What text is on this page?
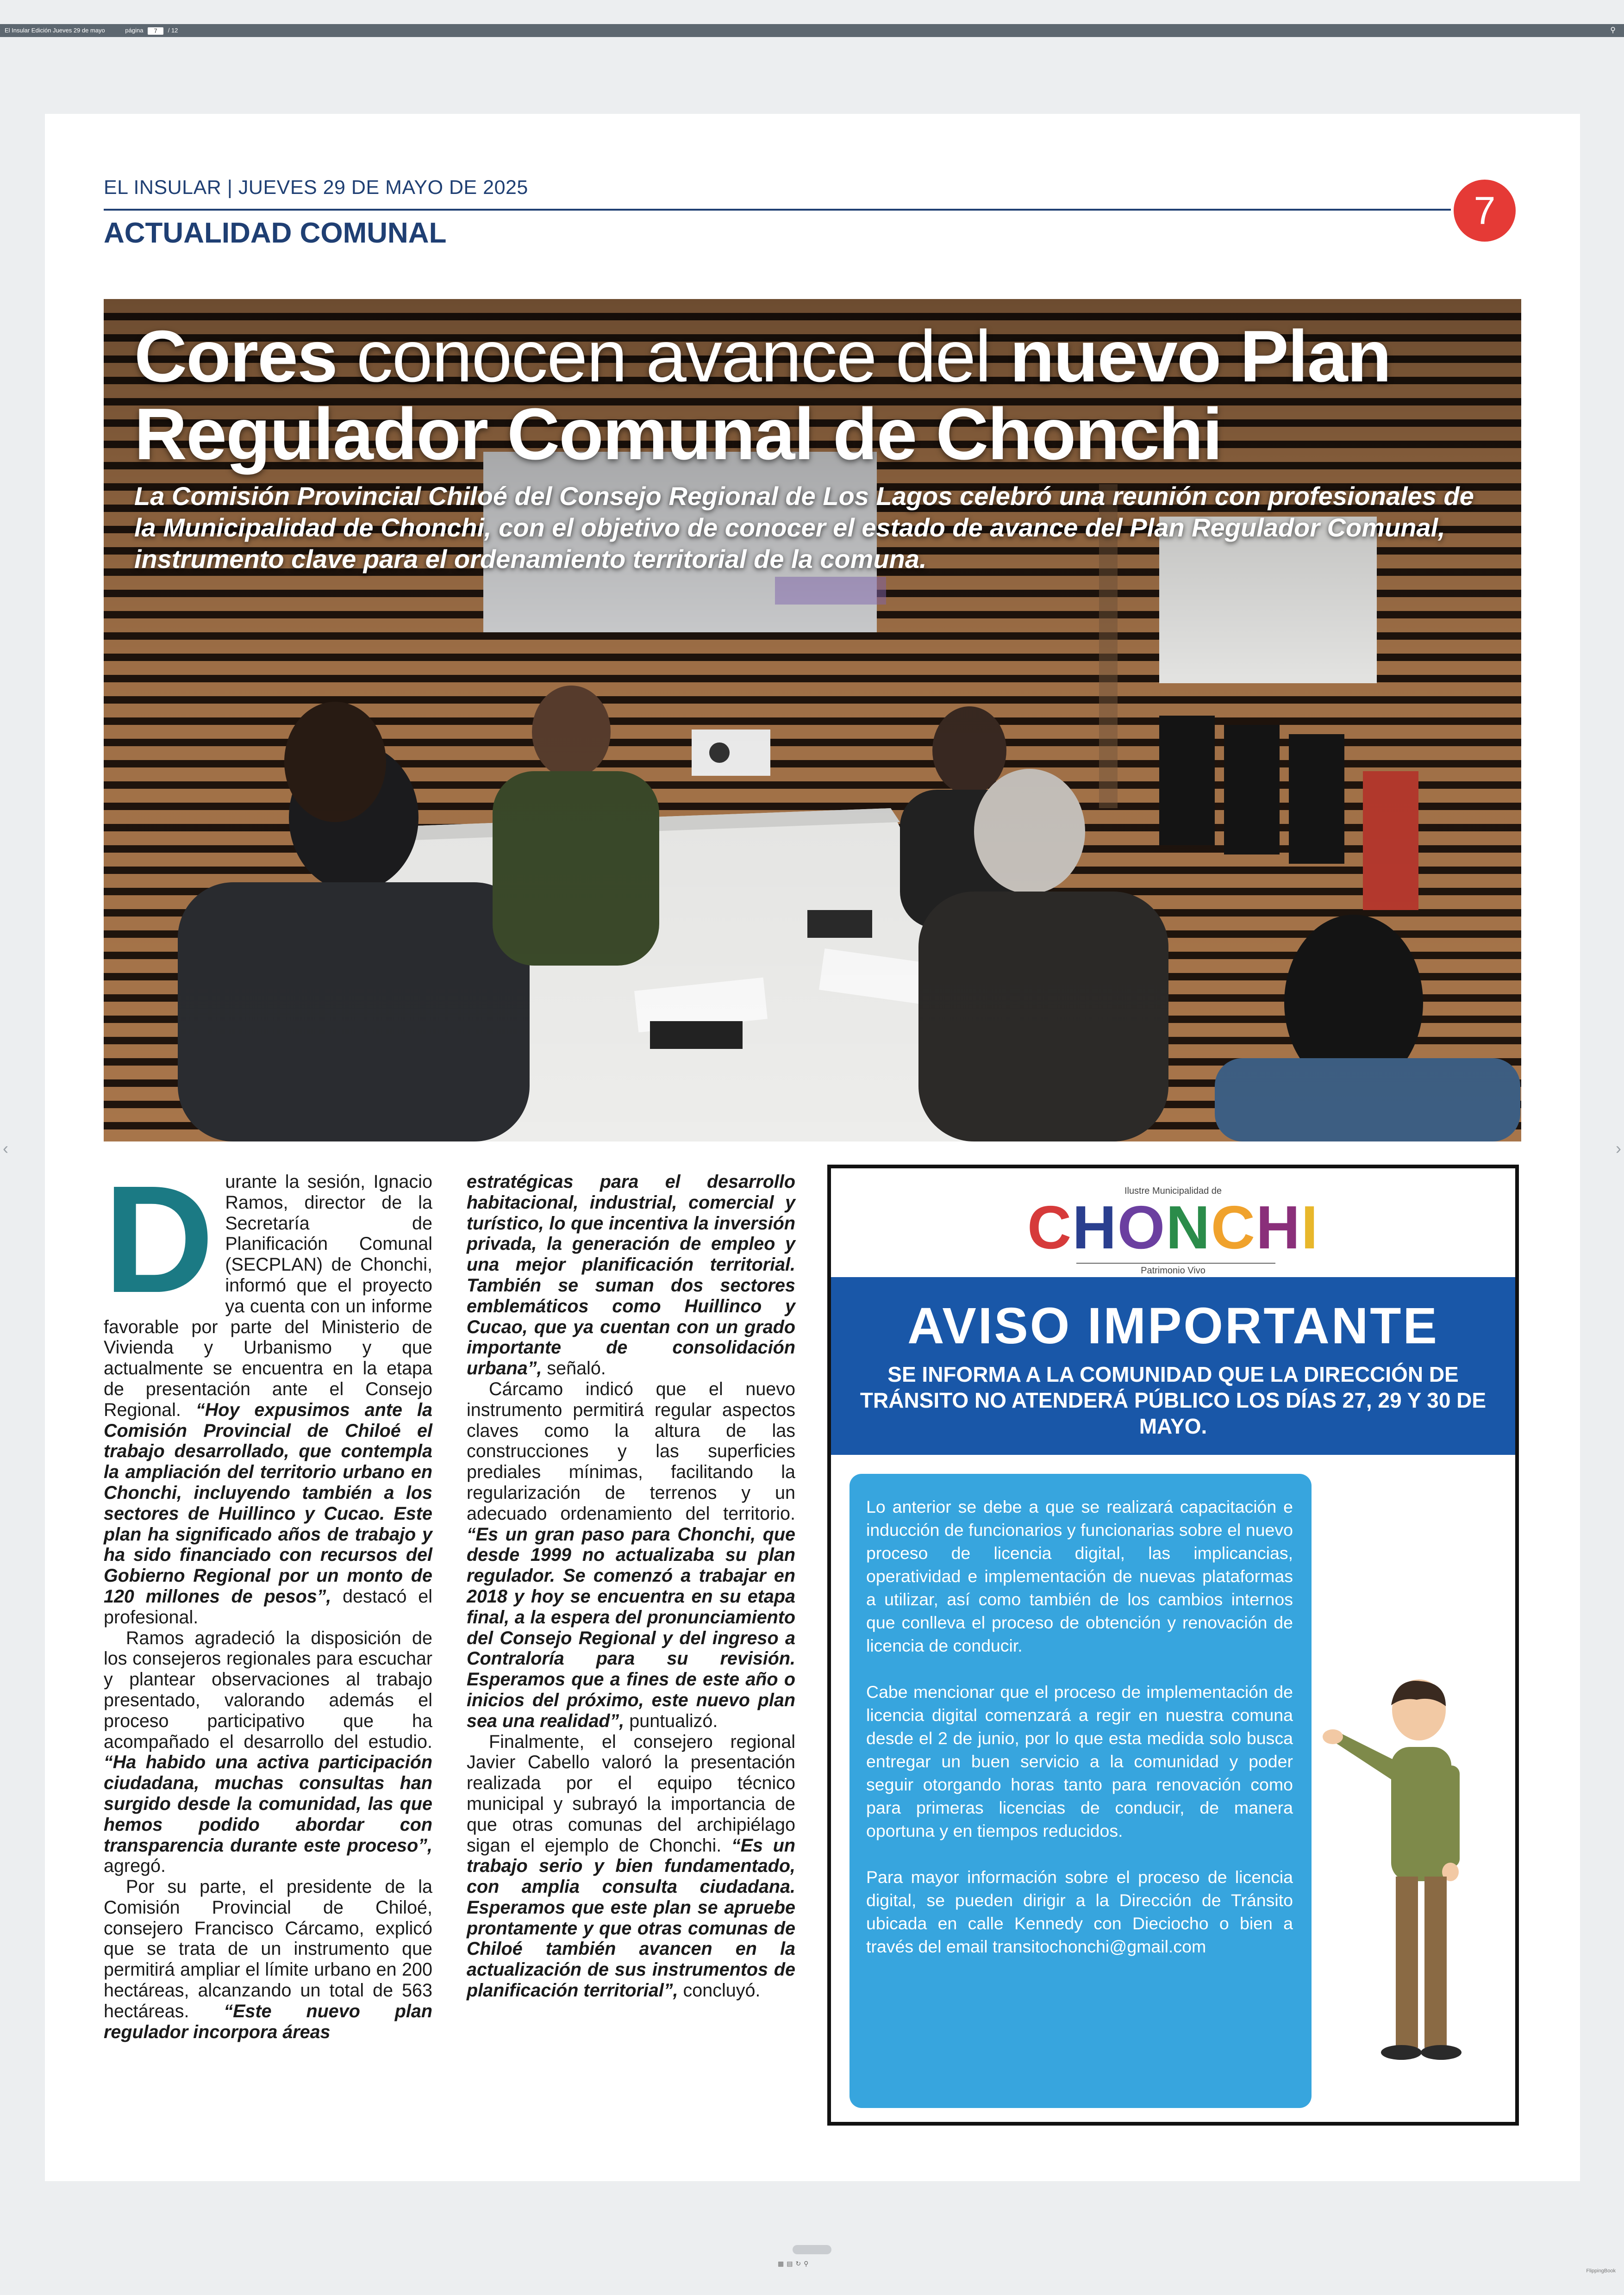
El Insular Edición Jueves 29 de mayo	página 7 / 12	⚲
‹	›
▦▤↻⚲
FlippingBook
EL INSULAR | JUEVES 29 DE MAYO DE 2025
7
ACTUALIDAD COMUNAL
Cores conocen avance del nuevo Plan
Regulador Comunal de Chonchi
La Comisión Provincial Chiloé del Consejo Regional de Los Lagos celebró una reunión con profesionales de la Municipalidad de Chonchi, con el objetivo de conocer el estado de avance del Plan Regulador Comunal, instrumento clave para el ordenamiento territorial de la comuna.

Durante la sesión, Ignacio Ramos, director de la Secretaría de Planificación Comunal (SECPLAN) de Chonchi, informó que el proyecto ya cuenta con un informe favorable por parte del Ministerio de Vivienda y Urbanismo y que actualmente se encuentra en la etapa de presentación ante el Consejo Regional. “Hoy expusimos ante la Comisión Provincial de Chiloé el trabajo desarrollado, que contempla la ampliación del territorio urbano en Chonchi, incluyendo también a los sectores de Huillinco y Cucao. Este plan ha significado años de trabajo y ha sido financiado con recursos del Gobierno Regional por un monto de 120 millones de pesos”, destacó el profesional.

Ramos agradeció la disposición de los consejeros regionales para escuchar y plantear observaciones al trabajo presentado, valorando además el proceso participativo que ha acompañado el desarrollo del estudio. “Ha habido una activa participación ciudadana, muchas consultas han surgido desde la comunidad, las que hemos podido abordar con transparencia durante este proceso”, agregó.

Por su parte, el presidente de la Comisión Provincial de Chiloé, consejero Francisco Cárcamo, explicó que se trata de un instrumento que permitirá ampliar el límite urbano en 200 hectáreas, alcanzando un total de 563 hectáreas. “Este nuevo plan regulador incorpora áreas

estratégicas para el desarrollo habitacional, industrial, comercial y turístico, lo que incentiva la inversión privada, la generación de empleo y una mejor planificación territorial. También se suman dos sectores emblemáticos como Huillinco y Cucao, que ya cuentan con un grado importante de consolidación urbana”, señaló.

Cárcamo indicó que el nuevo instrumento permitirá regular aspectos claves como la altura de las construcciones y las superficies prediales mínimas, facilitando la regularización de terrenos y un adecuado ordenamiento del territorio. “Es un gran paso para Chonchi, que desde 1999 no actualizaba su plan regulador. Se comenzó a trabajar en 2018 y hoy se encuentra en su etapa final, a la espera del pronunciamiento del Consejo Regional y del ingreso a Contraloría para su revisión. Esperamos que a fines de este año o inicios del próximo, este nuevo plan sea una realidad”, puntualizó.

Finalmente, el consejero regional Javier Cabello valoró la presentación realizada por el equipo técnico municipal y subrayó la importancia de que otras comunas del archipiélago sigan el ejemplo de Chonchi. “Es un trabajo serio y bien fundamentado, con amplia consulta ciudadana. Esperamos que este plan se apruebe prontamente y que otras comunas de Chiloé también avancen en la actualización de sus instrumentos de planificación territorial”, concluyó.

Ilustre Municipalidad de
CHONCHI
Patrimonio Vivo
AVISO IMPORTANTE
SE INFORMA A LA COMUNIDAD QUE LA DIRECCIÓN DE TRÁNSITO NO ATENDERÁ PÚBLICO LOS DÍAS 27, 29 Y 30 DE MAYO.

Lo anterior se debe a que se realizará capacitación e inducción de funcionarios y funcionarias sobre el nuevo proceso de licencia digital, las implicancias, operatividad e implementación de nuevas plataformas a utilizar, así como también de los cambios internos que conlleva el proceso de obtención y renovación de licencia de conducir.

Cabe mencionar que el proceso de implementación de licencia digital comenzará a regir en nuestra comuna desde el 2 de junio, por lo que esta medida solo busca entregar un buen servicio a la comunidad y poder seguir otorgando horas tanto para renovación como para primeras licencias de conducir, de manera oportuna y en tiempos reducidos.

Para mayor información sobre el proceso de licencia digital, se pueden dirigir a la Dirección de Tránsito ubicada en calle Kennedy con Dieciocho o bien a través del email transitochonchi@gmail.com
